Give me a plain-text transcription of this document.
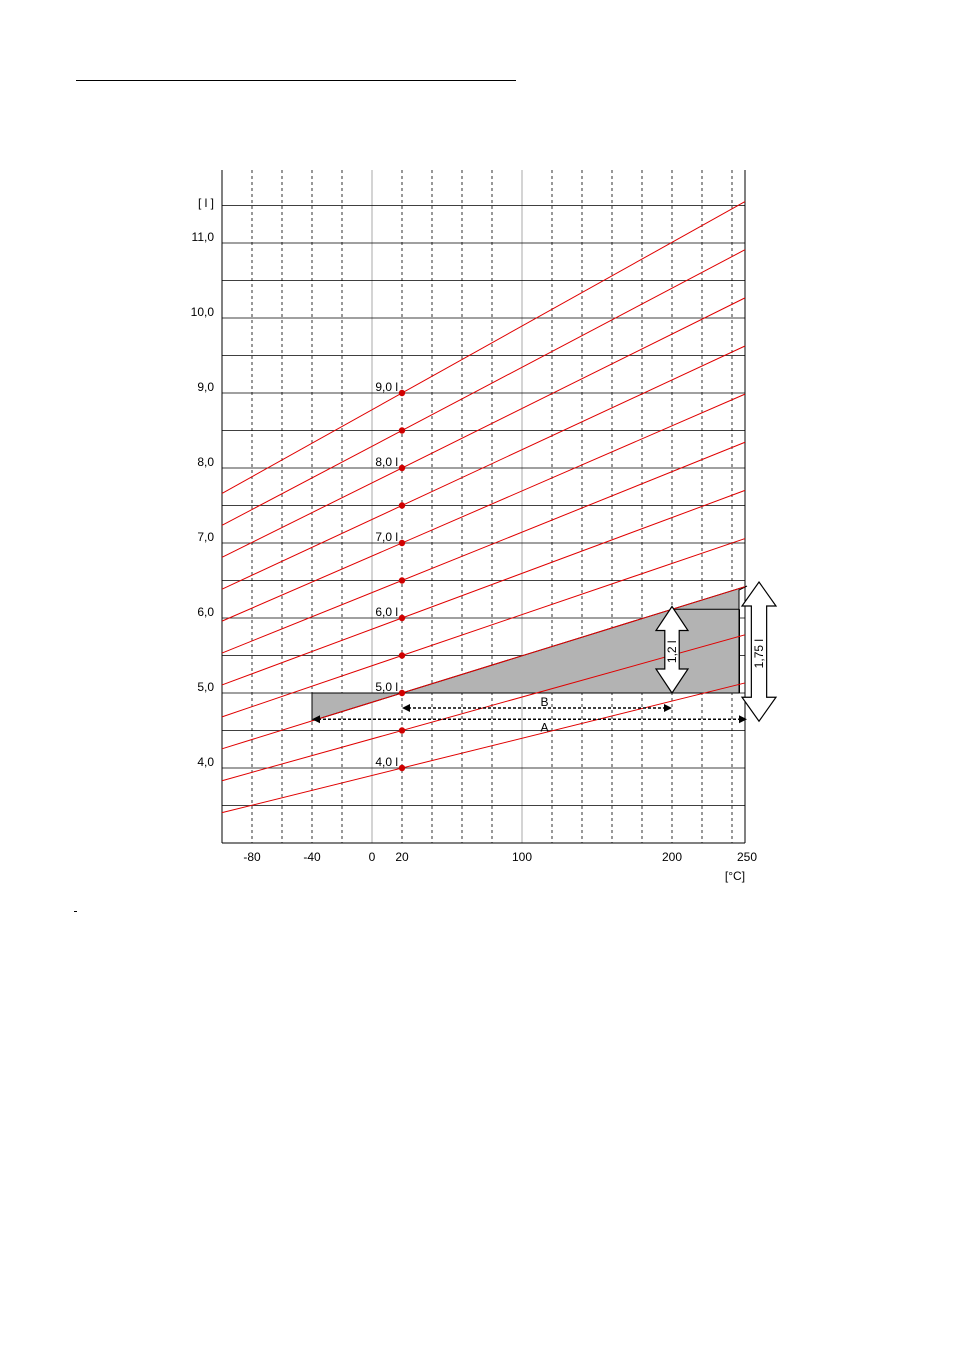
4,0 l
5,0 l
6,0 l
7,0 l
8,0 l
9,0 l
4,0
5,0
6,0
7,0
8,0
9,0
10,0
11,0
[ l ]
-80	-40	0 20	100	200	250
[°C]
A
B
1,2 l	1,75 l
